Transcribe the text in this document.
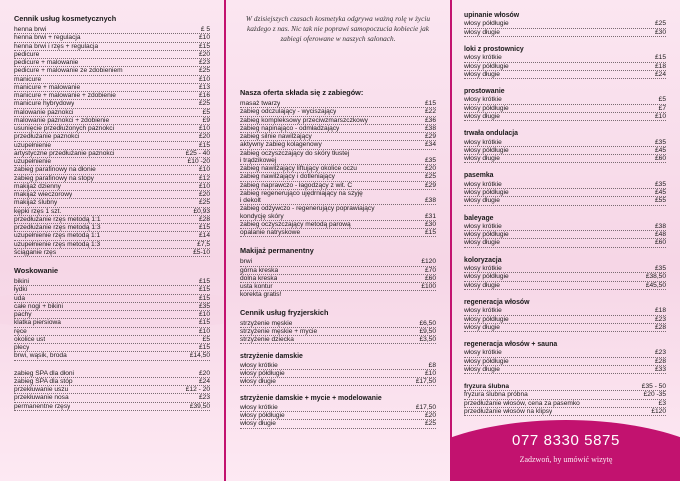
Cennik usług kosmetycznych
henna brwi	£ 5
henna brwi + regulacja	£10
henna brwi i rzęs + regulacja	£15
pedicure	£20
pedicure + malowanie	£23
pedicure + malowanie ze zdobieniem	£25
manicure	£10
manicure + malowanie	£13
manicure + malowanie + zdobienie	£16
manicure hybrydowy	£25
malowanie paznokci	£5
malowanie paznokci + zdobienie	£9
usunięcie przedłużonych paznokci	£10
przedłużanie paznokci	£20
uzupełnienie	£15
artystyczne przedłużanie paznokci	£25 - 40
uzupełnienie	£10 -20
zabieg parafinowy na dłonie	£10
zabieg parafinowy na stopy	£12
makijaż dzienny	£10
makijaż wieczorowy	£20
makijaż ślubny	£25
kępki rzęs 1 szt.	£0,93
przedłużanie rzęs metodą 1:1	£28
przedłużanie rzęs metodą 1:3	£15
uzupełnienie rzęs metodą 1:1	£14
uzupełnienie rzęs metodą 1:3	£7,5
ściąganie rzęs	£5-10
Woskowanie
bikini	£15
łydki	£15
uda	£15
całe nogi + bikini	£35
pachy	£10
klatka piersiowa	£15
ręce	£10
okolice ust	£5
plecy	£15
brwi, wąsik, broda	£14,50
zabieg SPA dla dłoni	£20
zabieg SPA dla stóp	£24
przekłuwanie uszu	£12 - 20
przekłuwanie nosa	£23
permanentne rzęsy	£39,50
W dzisiejszych czasach kosmetyka odgrywa ważną rolę w życiu każdego z nas. Nic tak nie poprawi samopoczucia kobiecie jak zabiegi oferowane w naszych salonach.
Nasza oferta składa się z zabiegów:
masaż twarzy	£15
zabieg odczulający - wyciszający	£22
zabieg kompleksowy przeciwzmarszczkowy	£36
zabieg napinająco - odmładzający	£38
zabieg silnie nawilżający	£29
aktywny zabieg kolagenowy	£34
zabieg oczyszczający do skóry tłustej
i trądzikowej	£35
zabieg nawilżający liftujący okolice oczu	£20
zabieg nawilżający i dotleniający	£25
zabieg naprawczo - łagodzący z wit. C	£29
zabieg regenerująco ujędrniający na szyję
i dekolt	£38
zabieg odżywczo - regenerujący poprawiający
kondycję skóry	£31
zabieg oczyszczający metodą parową	£30
opalanie natryskowe	£15
Makijaż permanentny
brwi	£120
górna kreska	£70
dolna kreska	£60
usta kontur	£100
korekta gratis!
Cennik usług fryzjerskich
strzyżenie męskie	£6,50
strzyżenie męskie + mycie	£9,50
strzyżenie dziecka	£3,50
strzyżenie damskie
włosy krótkie	£8
włosy półdługie	£10
włosy długie	£17,50
strzyżenie damskie + mycie + modelowanie
włosy krótkie	£17,50
włosy półdługie	£20
włosy długie	£25
upinanie włosów
włosy półdługie	£25
włosy długie	£30
loki z prostownicy
włosy krótkie	£15
włosy półdługie	£18
włosy długie	£24
prostowanie
włosy krótkie	£5
włosy półdługie	£7
włosy długie	£10
trwała ondulacja
włosy krótkie	£35
włosy półdługie	£45
włosy długie	£60
pasemka
włosy krótkie	£35
włosy półdługie	£45
włosy długie	£55
baleyage
włosy krótkie	£38
włosy półdługie	£48
włosy długie	£60
koloryzacja
włosy krótkie	£35
włosy półdługie	£38,50
włosy długie	£45,50
regeneracja włosów
włosy krótkie	£18
włosy półdługie	£23
włosy długie	£28
regeneracja włosów + sauna
włosy krótkie	£23
włosy półdługie	£28
włosy długie	£33
fryzura ślubna	£35 - 50
fryzura ślubna próbna	£20 -35
przedłużanie włosów, cena za pasemko	£3
przedłużanie włosów na klipsy	£120
077 8330 5875
Zadzwoń, by umówić wizytę
